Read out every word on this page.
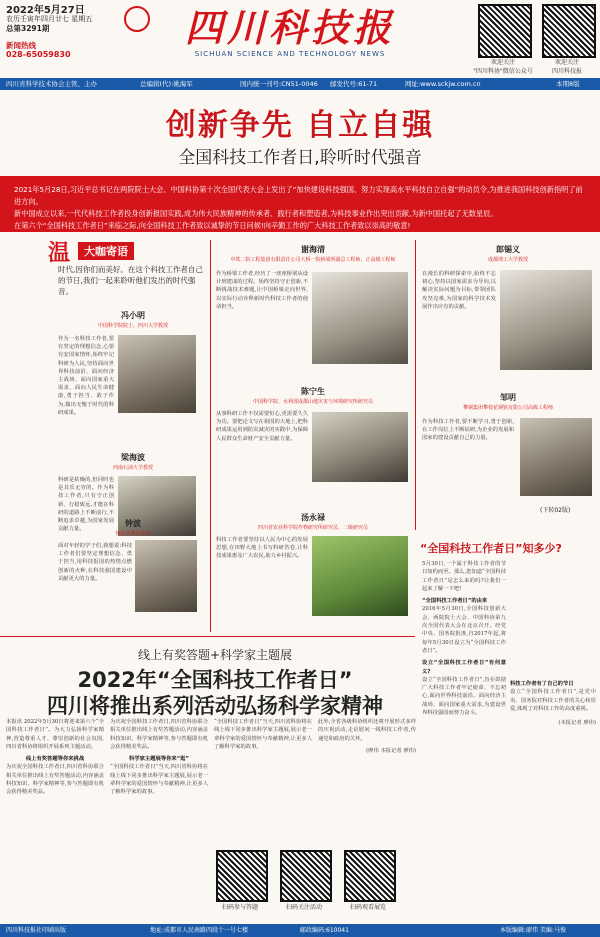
2022年5月27日
农历壬寅年四月廿七 星期五
总第3291期
新闻热线
028-65059830
四川科技报
SICHUAN SCIENCE AND TECHNOLOGY NEWS
欢迎关注
"四川科协"微信公众号
欢迎关注
四川科技报
四川省科学技术协会主管、主办	总编辑(代):姚海军	国内统一刊号:CN51-0046 邮发代号:61-71	网址:www.sckjw.com.cn	本期8版
创新争先 自立自强
全国科技工作者日,聆听时代强音

2021年5月28日,习近平总书记在两院院士大会、中国科协第十次全国代表大会上发出了“加快建设科技强国、努力实现高水平科技自立自强”的动员令,为推进我国科技创新指明了前进方向。

新中国成立以来,一代代科技工作者投身创新报国实践,成为伟大民族精神的传承者、践行者和塑造者,为科技事业作出突出贡献,为新中国托起了无数星辰。

在第六个“全国科技工作者日”来临之际,向全国科技工作者致以诚挚的节日问候!向辛勤工作的广大科技工作者致以崇高的敬意!

温	大咖寄语
时代,因你们而美好。在这个科技工作者自己的节日,我们一起来聆听他们发出的时代强音。
冯小明
中国科学院院士、四川大学教授
作为一名科技工作者,要有坚定的理想信念,心要有安国家情怀,始终牢记科研为人民,坚持面向世界科技前沿、面向经济主战场、面向国家重大需求、面向人民生命健康,勇于担当、敢于作为,做出无愧于时代的科研成果。
梁海波
西南石油大学教授
科研是枯燥的,但同时也是其乐无穷的。作为科技工作者,只有守正创新、行稳致远,才能在科研的道路上不断前行,不断追求卓越,为国家发展贡献力量。
钟波
核技术利用专家
面对年轻的学子们,我想说:科技工作者们要坚定理想信念、勇于担当,用科技报国的热情点燃创新的火种,在科技强国建设中贡献更大的力量。
谢海清
中铁二院工程集团有限责任公司大桥一院桥梁所副总工程师、正高级工程师
作为桥梁工作者,经历了一座座桥梁从设计到建成的过程。始终坚持守正创新,不断挑战技术难题,让中国桥梁走向世界,以实际行动诠释新时代科技工作者的使命担当。
陈宁生
中国科学院、水利部成都山地灾害与环境研究所研究员
从事科研工作不仅需要恒心,更需要久久为功。要把论文写在祖国的大地上,把科研成果运用到防灾减灾的实践中,为保障人民群众生命财产安全贡献力量。
汤永禄
四川省农业科学院作物研究所研究员、二级研究员
科技工作者要坚持以人民为中心的发展思想,在田野大地上书写科研答卷,让科技成果惠及广大农民,助力乡村振兴。
郎锡义
成都理工大学教授
在漫长的科研探索中,始终不忘初心,坚持以国家需求为导向,以解决实际问题为目标,带领团队攻坚克难,为国家的科学技术发展作出应有的贡献。
邹明
攀钢集团攀枝花钢钒有限公司高级工程师
作为科技工作者,要不断学习,勇于创新,在工作岗位上不断钻研,为企业的发展和国家的建设贡献自己的力量。
(下转02版)
“全国科技工作者日”知多少?
5月30日,一个属于科技工作者的节日如约而至。那么,您知道“全国科技工作者日”是怎么来的吗?让我们一起来了解一下吧!
“全国科技工作者日”的由来
2016年5月30日,全国科技创新大会、两院院士大会、中国科协第九次全国代表大会在北京召开。经党中央、国务院批准,自2017年起,将每年5月30日设立为“全国科技工作者日”。
设立“全国科技工作者日”有何意义?
设立“全国科技工作者日”,旨在鼓励广大科技工作者牢记使命、不忘初心,面向世界科技前沿、面向经济主战场、面向国家重大需求,为建设世界科技强国而努力奋斗。
科技工作者有了自己的节日
设立“全国科技工作者日”,是党中央、国务院对科技工作者的关心和厚爱,体现了对科技工作的高度重视。
(本报记者 廖伟)
线上有奖答题+科学家主题展
2022年“全国科技工作者日”
四川将推出系列活动弘扬科学家精神
本报讯 2022年5月30日将迎来第六个“全国科技工作者日”。为大力弘扬科学家精神,营造尊重人才、尊崇创新的社会氛围,四川省科协将组织开展系列主题活动。
线上有奖答题等你来挑战
为庆祝全国科技工作者日,四川省科协联合相关单位推出线上有奖答题活动,内容涵盖科技知识、科学家精神等,参与答题即有机会获得精美奖品。
为庆祝全国科技工作者日,四川省科协联合相关单位推出线上有奖答题活动,内容涵盖科技知识、科学家精神等,参与答题即有机会获得精美奖品。
科学家主题展等你来“逛”
“全国科技工作者日”当天,四川省科协将在线上线下同步推出科学家主题展,展示老一辈科学家的爱国情怀与奉献精神,让更多人了解科学家的故事。
“全国科技工作者日”当天,四川省科协将在线上线下同步推出科学家主题展,展示老一辈科学家的爱国情怀与奉献精神,让更多人了解科学家的故事。
此外,全省各级科协组织还将开展形式多样的庆祝活动,走访慰问一线科技工作者,传递党和政府的关怀。
(廖伟 本报记者 廖伟)
扫码参与答题	扫码关注活动	扫码观看展览
四川科技报社印刷出版	地址:成都市人民南路四段十一号七楼	邮政编码:610041	本版编辑:廖伟 美编:马俊
